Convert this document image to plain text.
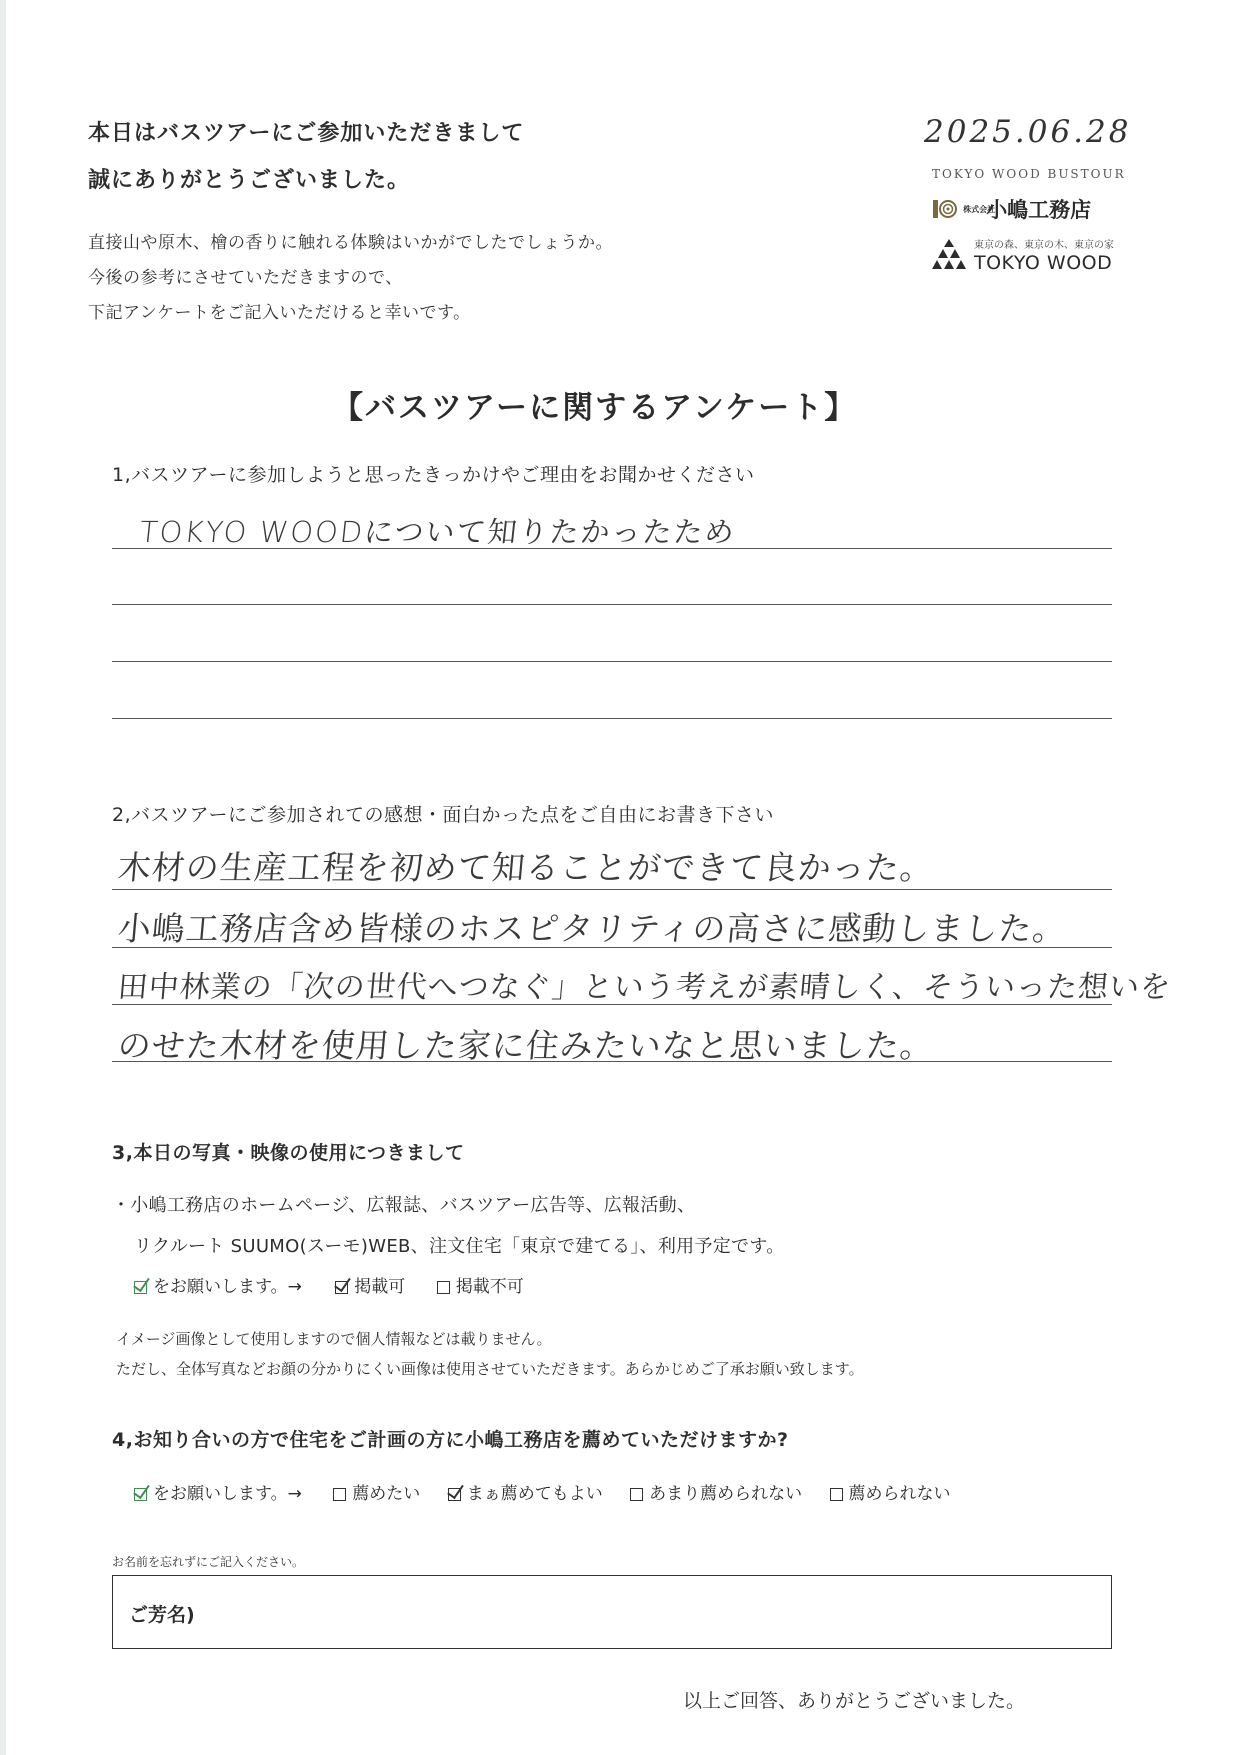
本日はバスツアーにご参加いただきまして
誠にありがとうございました。
直接山や原木、檜の香りに触れる体験はいかがでしたでしょうか。
今後の参考にさせていただきますので、
下記アンケートをご記入いただけると幸いです。
2025.06.28
TOKYO WOOD BUSTOUR
株式会社 小嶋工務店
東京の森、東京の木、東京の家
TOKYO WOOD
【バスツアーに関するアンケート】
1,バスツアーに参加しようと思ったきっかけやご理由をお聞かせください
TOKYO WOODについて知りたかったため
2,バスツアーにご参加されての感想・面白かった点をご自由にお書き下さい
木材の生産工程を初めて知ることができて良かった。
小嶋工務店含め皆様のホスピタリティの高さに感動しました。
田中林業の「次の世代へつなぐ」という考えが素晴しく、そういった想いを
のせた木材を使用した家に住みたいなと思いました。
3,本日の写真・映像の使用につきまして
・小嶋工務店のホームページ、広報誌、バスツアー広告等、広報活動、
リクルート SUUMO(スーモ)WEB、注文住宅「東京で建てる」、利用予定です。
をお願いします。→	掲載可	掲載不可
イメージ画像として使用しますので個人情報などは載りません。
ただし、全体写真などお顔の分かりにくい画像は使用させていただきます。あらかじめご了承お願い致します。
4,お知り合いの方で住宅をご計画の方に小嶋工務店を薦めていただけますか?
をお願いします。→	薦めたい	まぁ薦めてもよい	あまり薦められない	薦められない
お名前を忘れずにご記入ください。
ご芳名)
以上ご回答、ありがとうございました。
